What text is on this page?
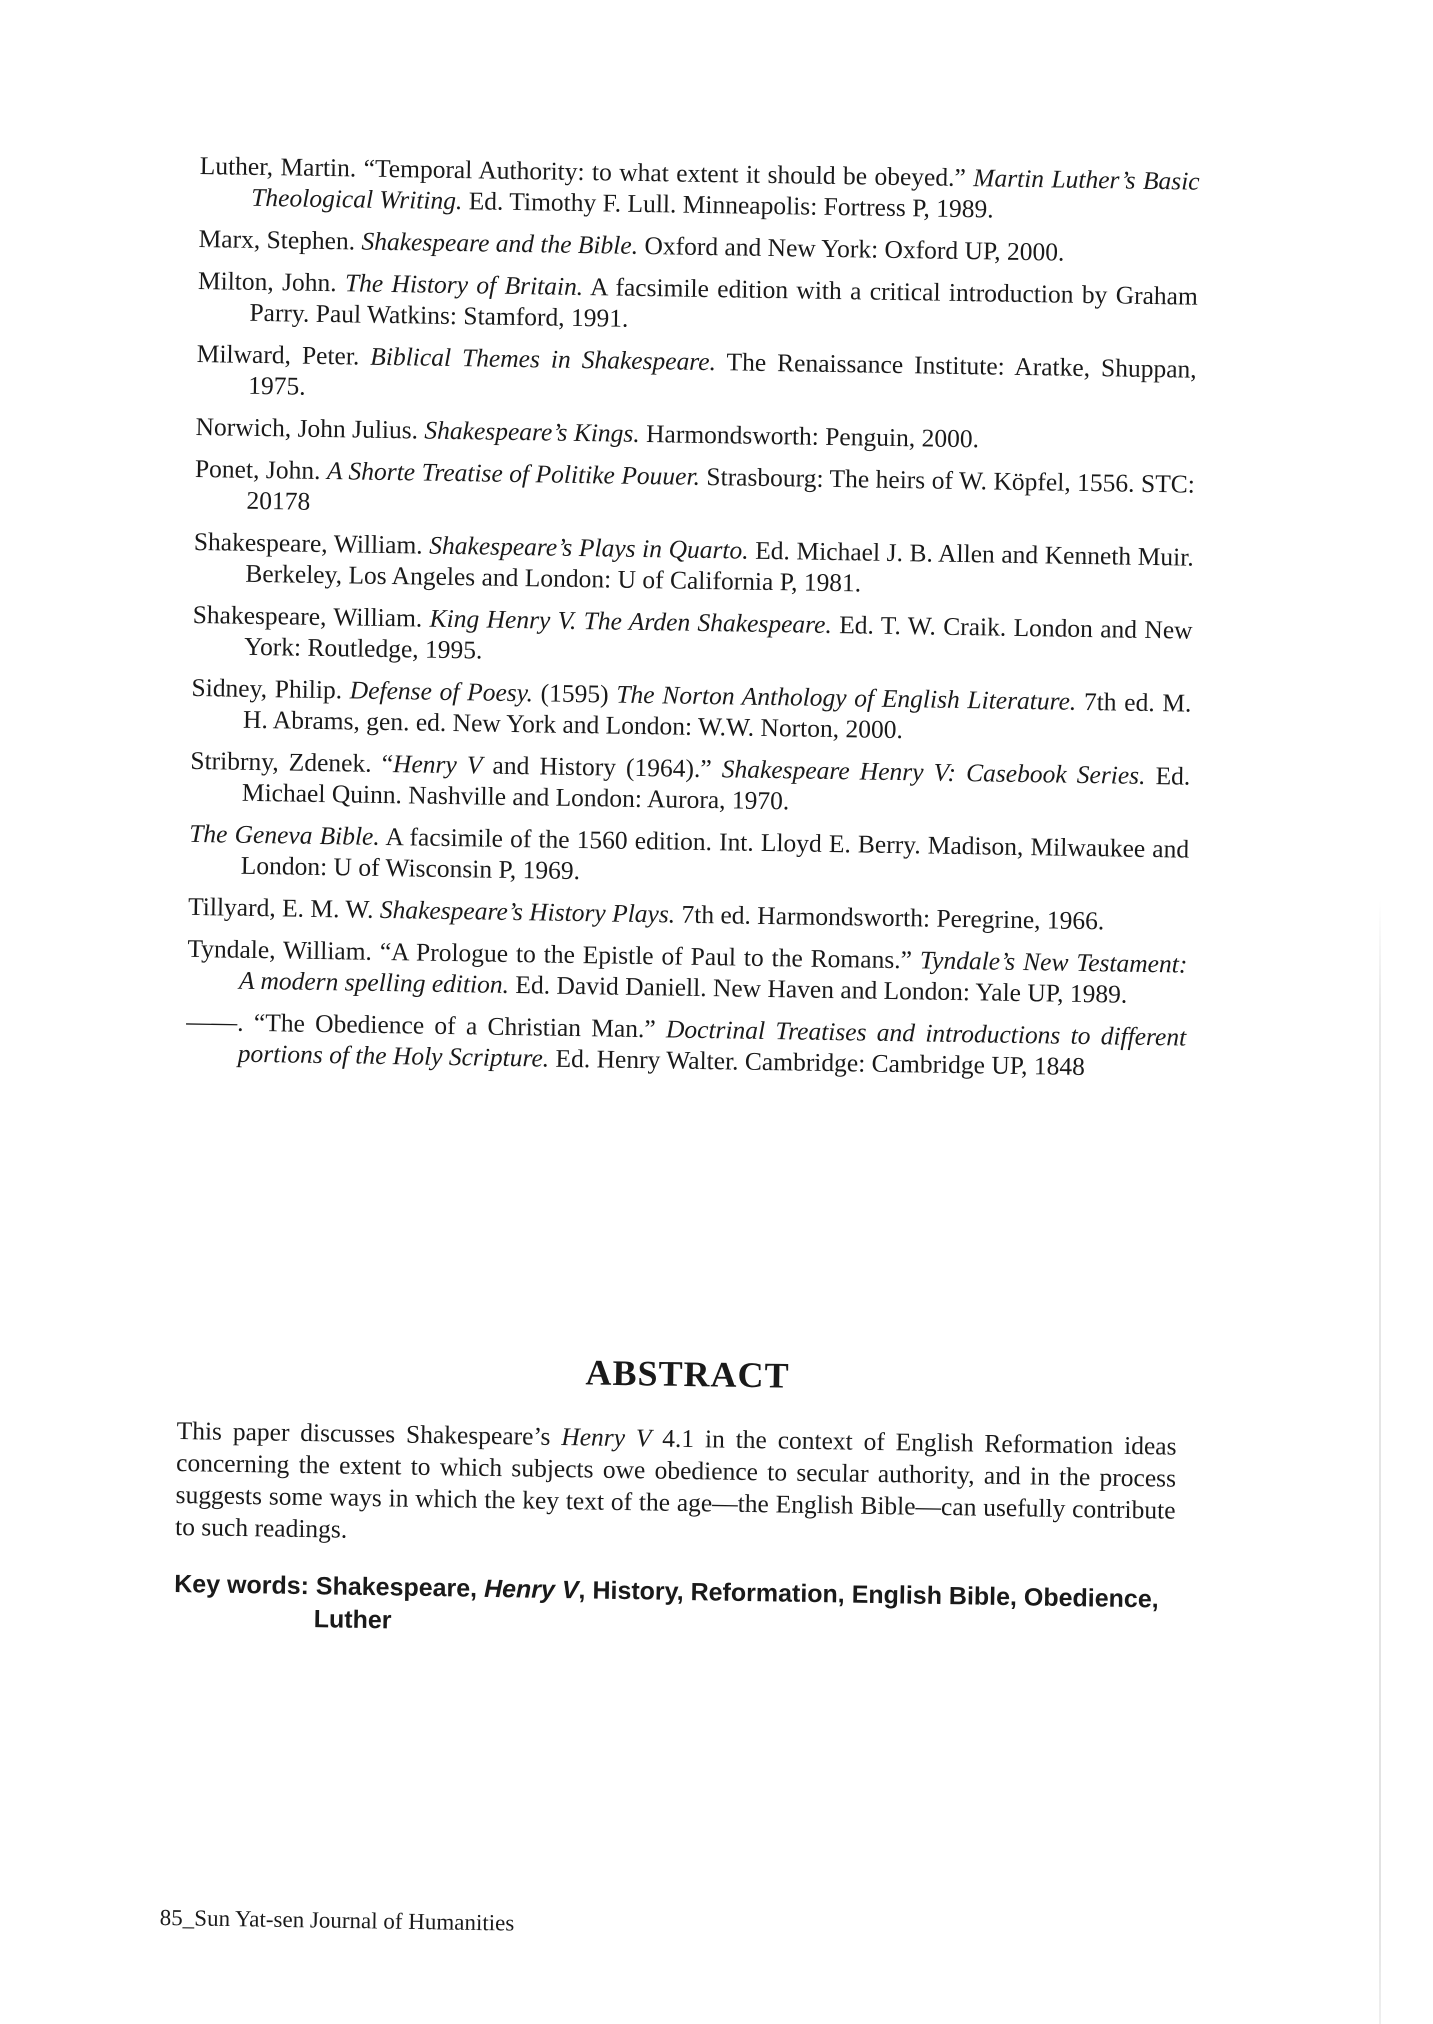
Luther, Martin. “Temporal Authority: to what extent it should be obeyed.” Martin Luther’s Basic Theological Writing. Ed. Timothy F. Lull. Minneapolis: Fortress P, 1989.

Marx, Stephen. Shakespeare and the Bible. Oxford and New York: Oxford UP, 2000.

Milton, John. The History of Britain. A facsimile edition with a critical introduction by Graham Parry. Paul Watkins: Stamford, 1991.

Milward, Peter. Biblical Themes in Shakespeare. The Renaissance Institute: Aratke, Shuppan, 1975.

Norwich, John Julius. Shakespeare’s Kings. Harmondsworth: Penguin, 2000.

Ponet, John. A Shorte Treatise of Politike Pouuer. Strasbourg: The heirs of W. Köpfel, 1556. STC: 20178

Shakespeare, William. Shakespeare’s Plays in Quarto. Ed. Michael J. B. Allen and Kenneth Muir. Berkeley, Los Angeles and London: U of California P, 1981.

Shakespeare, William. King Henry V. The Arden Shakespeare. Ed. T. W. Craik. London and New York: Routledge, 1995.

Sidney, Philip. Defense of Poesy. (1595) The Norton Anthology of English Literature. 7th ed. M. H. Abrams, gen. ed. New York and London: W.W. Norton, 2000.

Stribrny, Zdenek. “Henry V and History (1964).” Shakespeare Henry V: Casebook Series. Ed. Michael Quinn. Nashville and London: Aurora, 1970.

The Geneva Bible. A facsimile of the 1560 edition. Int. Lloyd E. Berry. Madison, Milwaukee and London: U of Wisconsin P, 1969.

Tillyard, E. M. W. Shakespeare’s History Plays. 7th ed. Harmondsworth: Peregrine, 1966.

Tyndale, William. “A Prologue to the Epistle of Paul to the Romans.” Tyndale’s New Testament: A modern spelling edition. Ed. David Daniell. New Haven and London: Yale UP, 1989.

——. “The Obedience of a Christian Man.” Doctrinal Treatises and introductions to different portions of the Holy Scripture. Ed. Henry Walter. Cambridge: Cambridge UP, 1848

ABSTRACT

This paper discusses Shakespeare’s Henry V 4.1 in the context of English Reformation ideas concerning the extent to which subjects owe obedience to secular authority, and in the process suggests some ways in which the key text of the age—the English Bible—can usefully contribute to such readings.

Key words: Shakespeare, Henry V, History, Reformation, English Bible, Obedience, Luther

85_Sun Yat-sen Journal of Humanities
